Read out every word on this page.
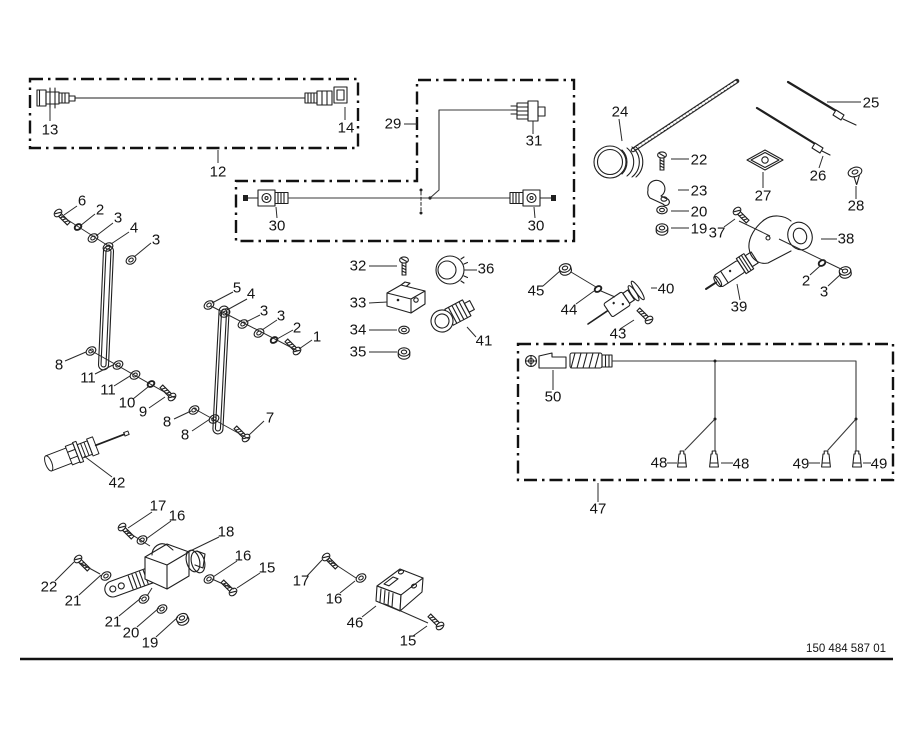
12
13	14 29
31
30	30
24
25
26
22
23
20
19
27
28
37	38
2
3
39
6
2 3
4
3
5 4
3 3
2
1
8
11
11
10
9
8
8
7
42
32
33
34
35
36
41
45
44
40
43
47
50
48	48	49	49
17
16
18
22
21
21
20
19
16
15
17
16
46
15	150 484 587 01
